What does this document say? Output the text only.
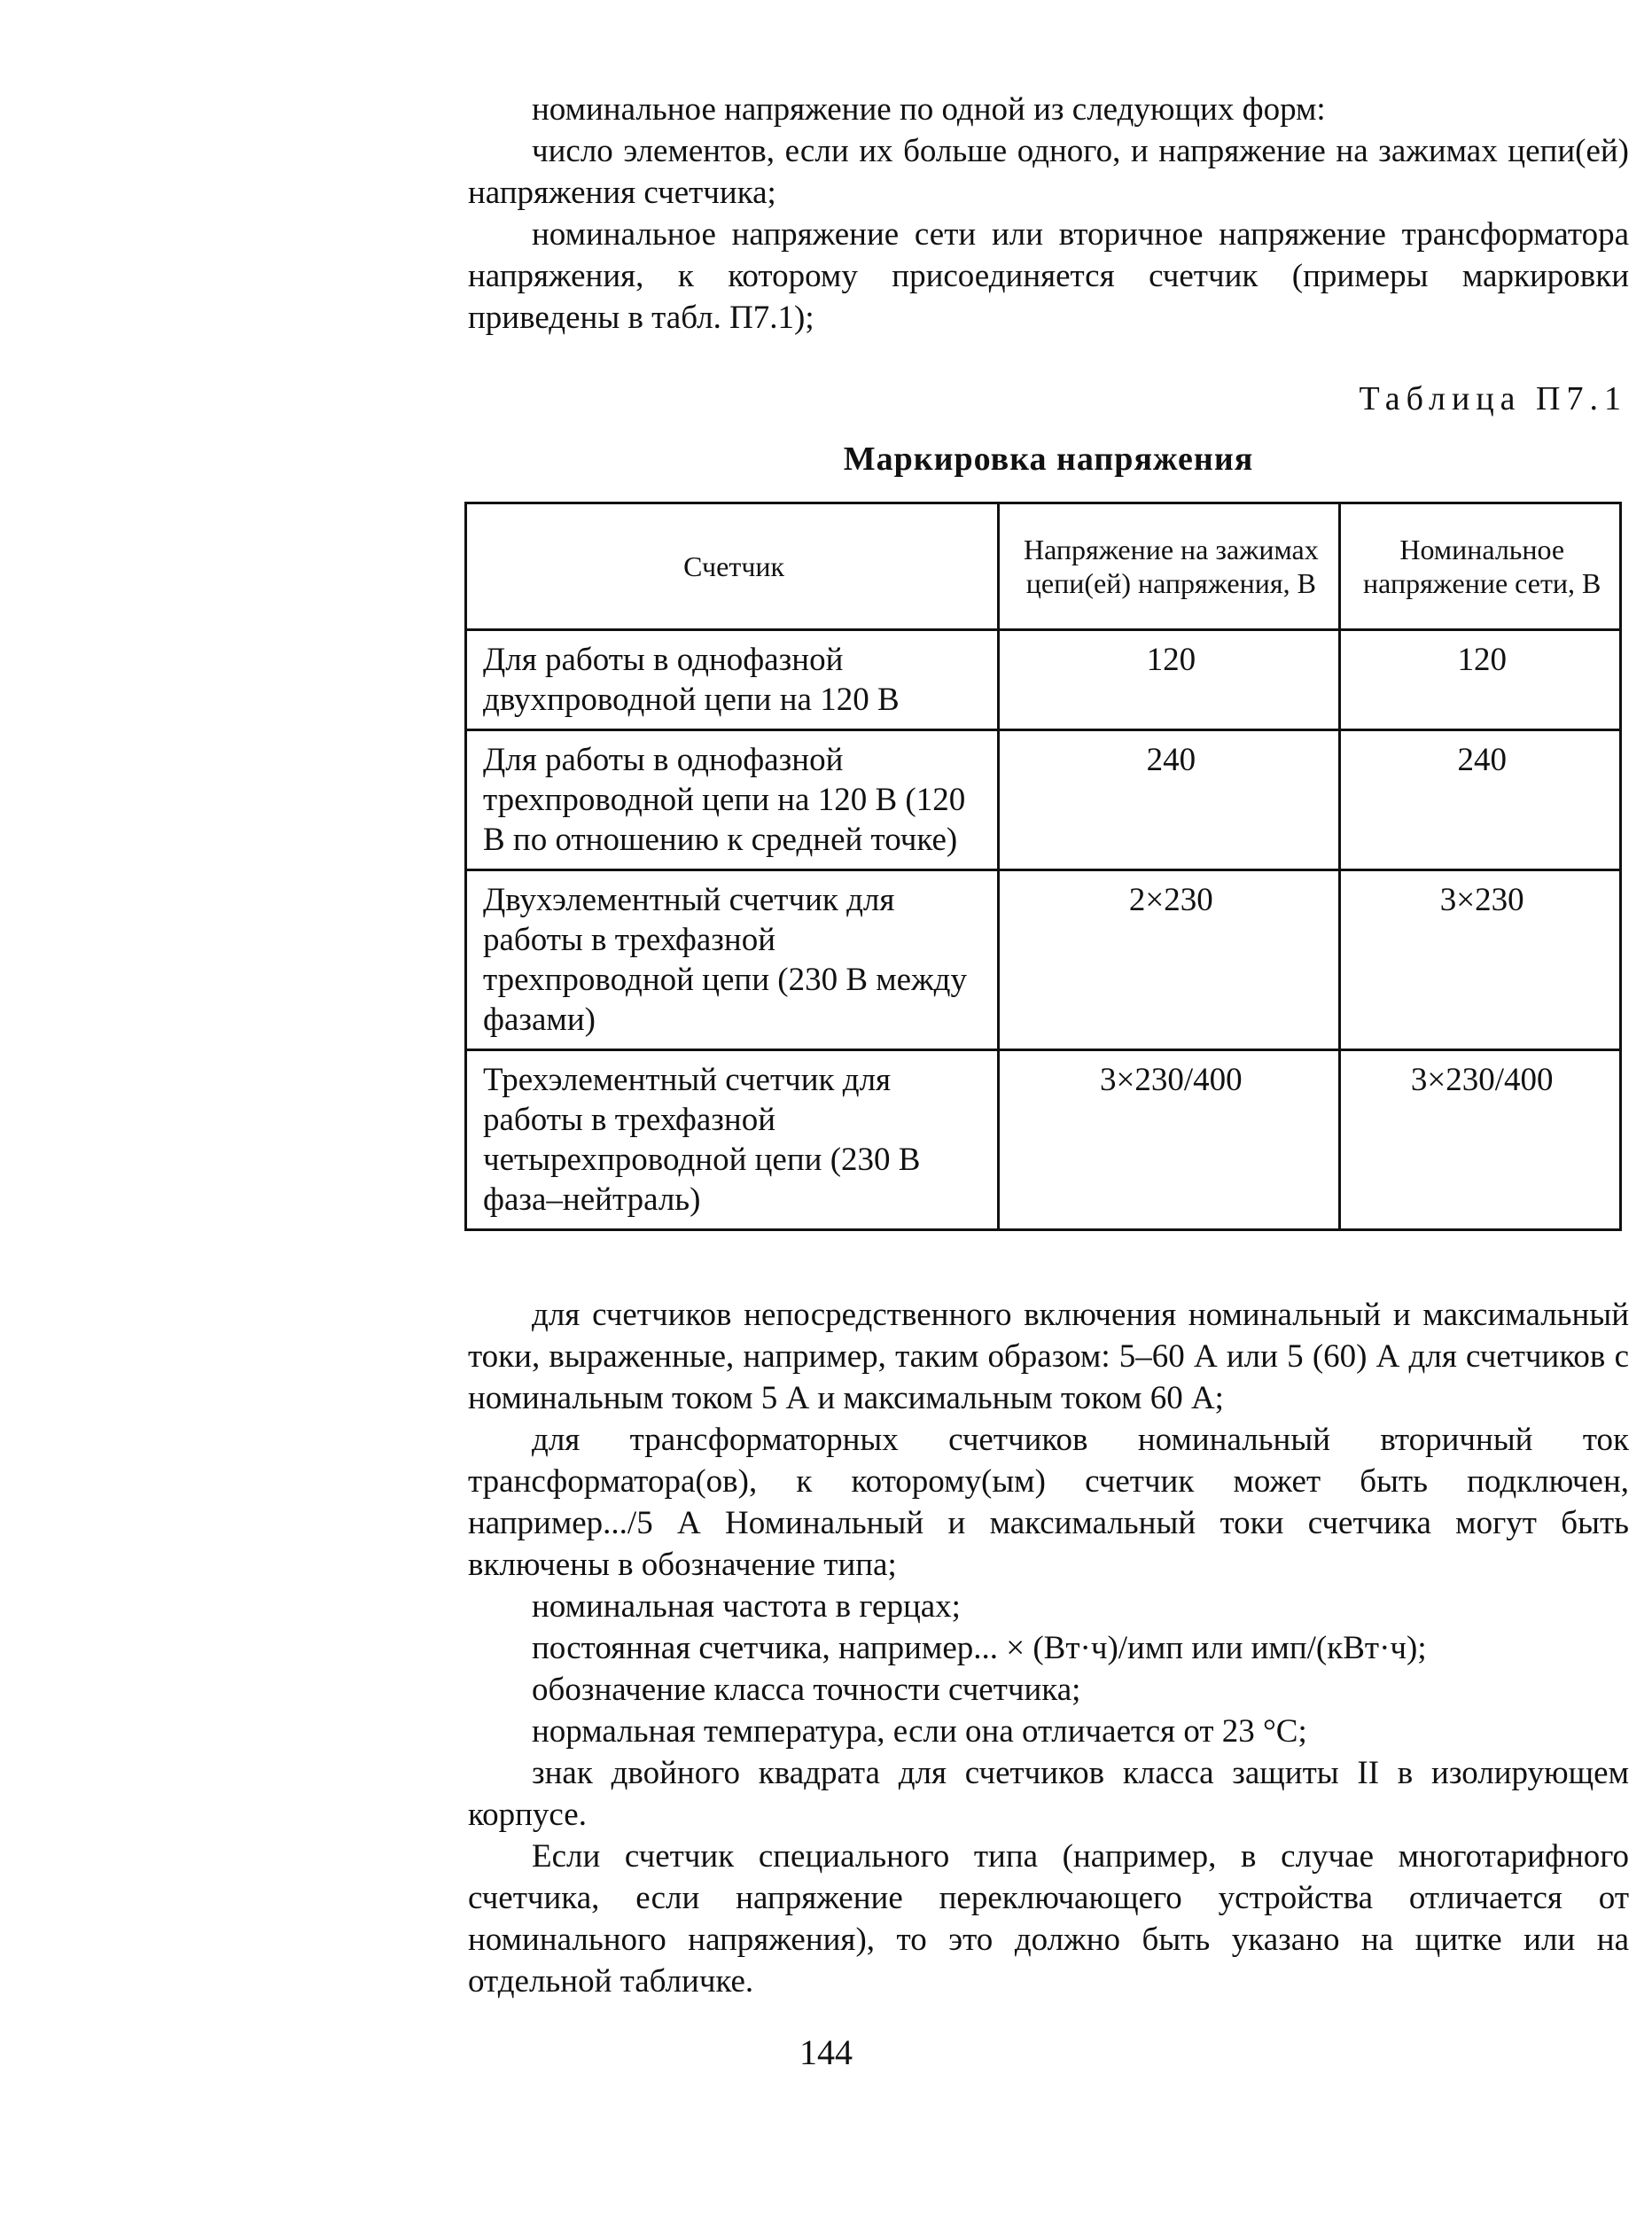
номинальное напряжение по одной из следующих форм:

число элементов, если их больше одного, и напряжение на зажимах цепи(ей) напряжения счетчика;

номинальное напряжение сети или вторичное напряжение трансформатора напряжения, к которому присоединяется счетчик (примеры маркировки приведены в табл. П7.1);

Таблица П7.1
Маркировка напряжения
Счетчик	Напряжение на зажимах цепи(ей) напряжения, В	Номинальное напряжение сети, В
Для работы в однофазной двухпроводной цепи на 120 В	120	120
Для работы в однофазной трехпроводной цепи на 120 В (120 В по отношению к средней точке)	240	240
Двухэлементный счетчик для работы в трехфазной трехпроводной цепи (230 В между фазами)	2×230	3×230
Трехэлементный счетчик для работы в трехфазной четырехпроводной цепи (230 В фаза–нейтраль)	3×230/400	3×230/400

для счетчиков непосредственного включения номинальный и максимальный токи, выраженные, например, таким образом: 5–60 А или 5 (60) А для счетчиков с номинальным током 5 А и максимальным током 60 А;

для трансформаторных счетчиков номинальный вторичный ток трансформатора(ов), к которому(ым) счетчик может быть подключен, например.../5 А Номинальный и максимальный токи счетчика могут быть включены в обозначение типа;

номинальная частота в герцах;

постоянная счетчика, например... × (Вт·ч)/имп или имп/(кВт·ч);

обозначение класса точности счетчика;

нормальная температура, если она отличается от 23 °С;

знак двойного квадрата для счетчиков класса защиты II в изолирующем корпусе.

Если счетчик специального типа (например, в случае многотарифного счетчика, если напряжение переключающего устройства отличается от номинального напряжения), то это должно быть указано на щитке или на отдельной табличке.

144
